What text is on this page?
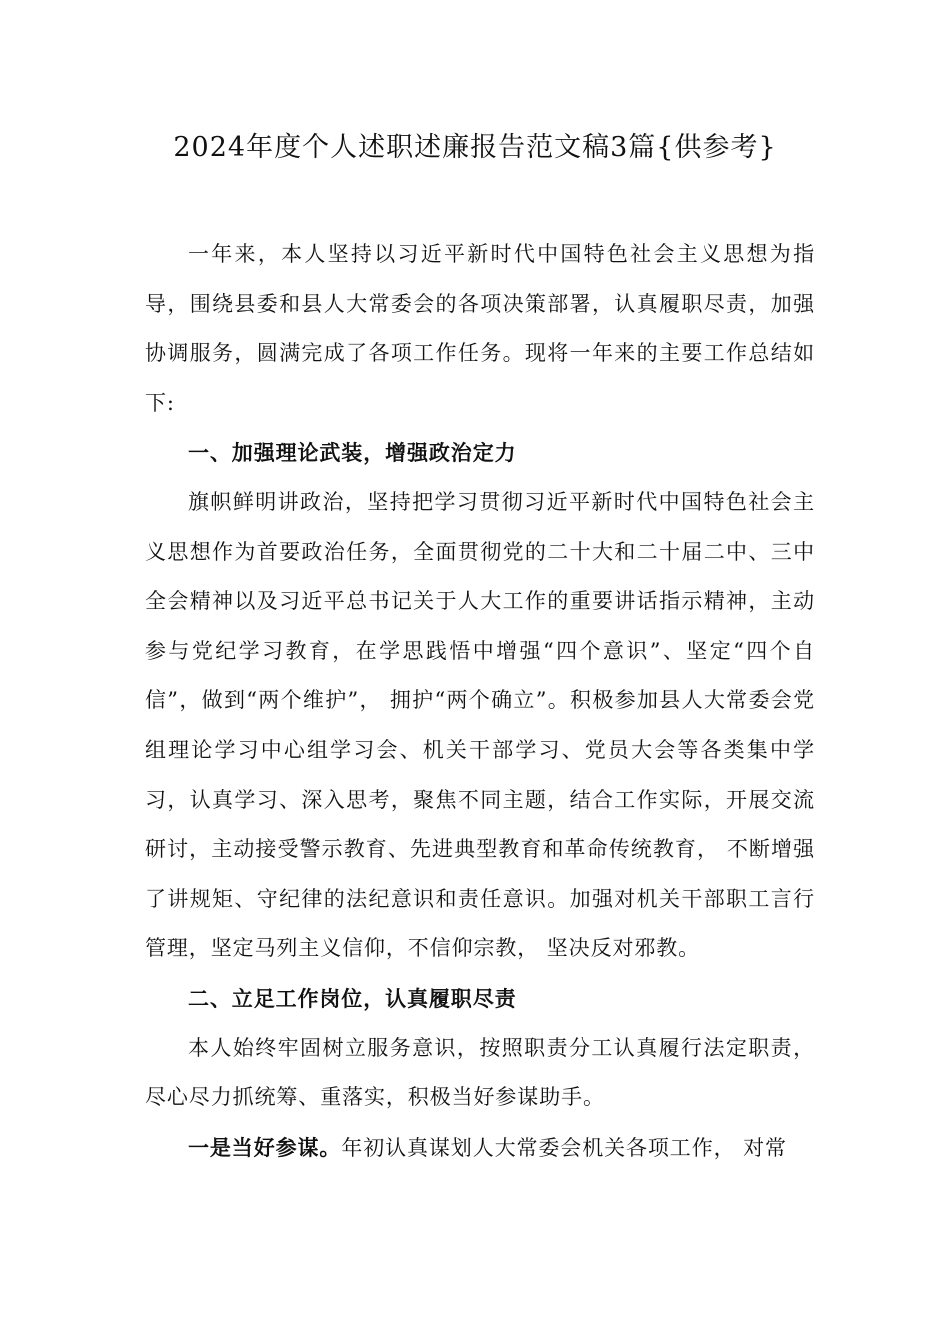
2024年度个人述职述廉报告范文稿3篇{供参考}

一年来，本人坚持以习近平新时代中国特色社会主义思想为指导，围绕县委和县人大常委会的各项决策部署，认真履职尽责，加强协调服务，圆满完成了各项工作任务。现将一年来的主要工作总结如下:

一、加强理论武装，增强政治定力

旗帜鲜明讲政治，坚持把学习贯彻习近平新时代中国特色社会主义思想作为首要政治任务，全面贯彻党的二十大和二十届二中、三中全会精神以及习近平总书记关于人大工作的重要讲话指示精神，主动参与党纪学习教育，在学思践悟中增强“四个意识”、坚定“四个自信”，做到“两个维护”， 拥护“两个确立”。积极参加县人大常委会党组理论学习中心组学习会、机关干部学习、党员大会等各类集中学习，认真学习、深入思考，聚焦不同主题，结合工作实际，开展交流研讨，主动接受警示教育、先进典型教育和革命传统教育， 不断增强了讲规矩、守纪律的法纪意识和责任意识。加强对机关干部职工言行管理，坚定马列主义信仰，不信仰宗教， 坚决反对邪教。

二、立足工作岗位，认真履职尽责

本人始终牢固树立服务意识，按照职责分工认真履行法定职责，尽心尽力抓统筹、重落实，积极当好参谋助手。

一是当好参谋。年初认真谋划人大常委会机关各项工作， 对常
